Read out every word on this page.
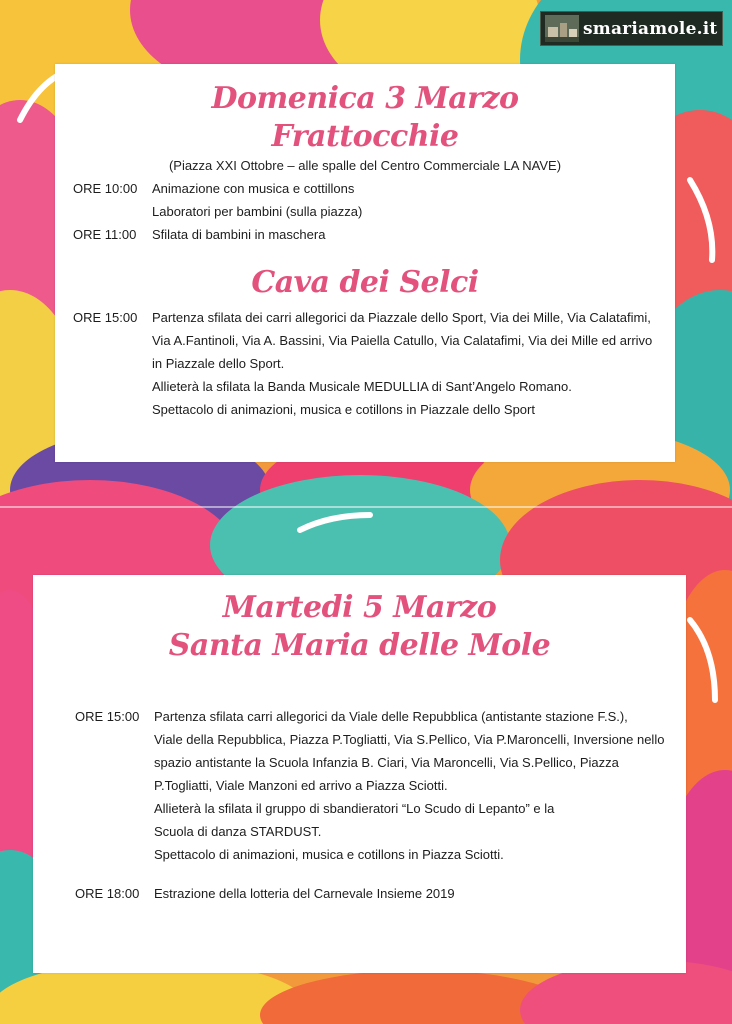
smariamole.it
Domenica 3 Marzo
Frattocchie
(Piazza XXI Ottobre – alle spalle del Centro Commerciale LA NAVE)
ORE 10:00	Animazione con musica e cottillons
Laboratori per bambini (sulla piazza)
ORE 11:00	Sfilata di bambini in maschera
Cava dei Selci
ORE 15:00	Partenza sfilata dei carri allegorici da Piazzale dello Sport, Via dei Mille, Via Calatafimi,
Via A.Fantinoli, Via A. Bassini, Via Paiella Catullo, Via Calatafimi, Via dei Mille ed arrivo
in Piazzale dello Sport.
Allieterà la sfilata la Banda Musicale MEDULLIA di Sant’Angelo Romano.
Spettacolo di animazioni, musica e cotillons in Piazzale dello Sport
Martedi 5 Marzo
Santa Maria delle Mole
ORE 15:00	Partenza sfilata carri allegorici da Viale delle Repubblica (antistante stazione F.S.),
Viale della Repubblica, Piazza P.Togliatti, Via S.Pellico, Via P.Maroncelli, Inversione nello
spazio antistante la Scuola Infanzia B. Ciari, Via Maroncelli, Via S.Pellico, Piazza
P.Togliatti, Viale Manzoni ed arrivo a Piazza Sciotti.
Allieterà la sfilata il gruppo di sbandieratori “Lo Scudo di Lepanto” e la
Scuola di danza STARDUST.
Spettacolo di animazioni, musica e cotillons in Piazza Sciotti.
ORE 18:00	Estrazione della lotteria del Carnevale Insieme 2019
